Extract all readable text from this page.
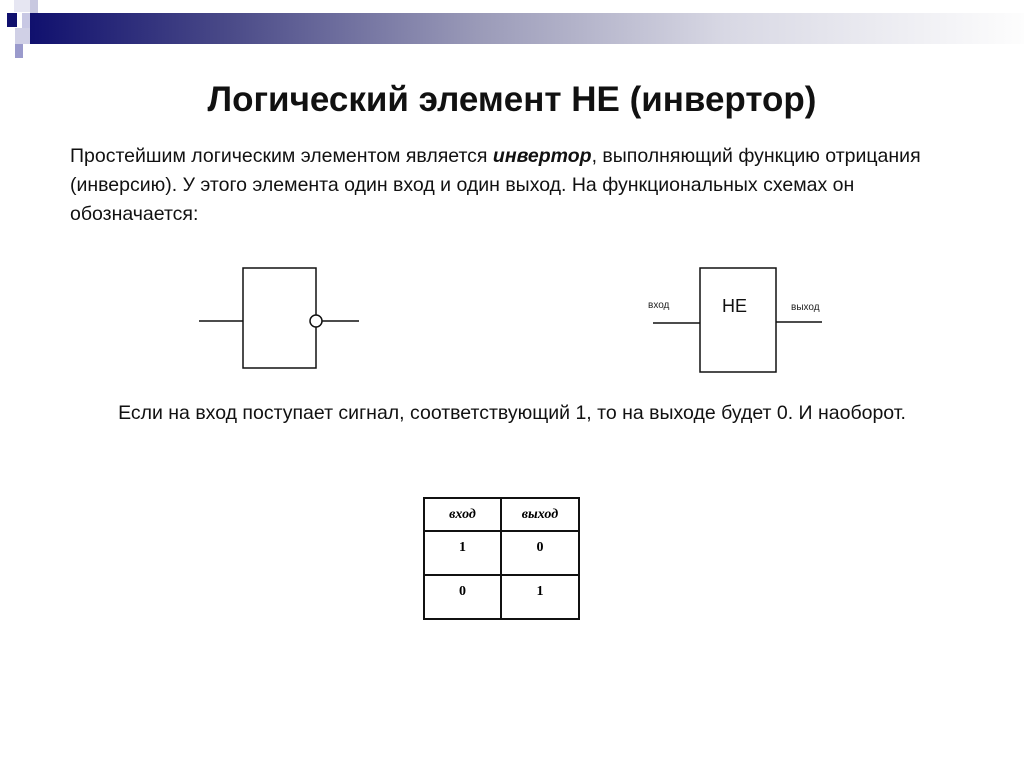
Логический элемент НЕ (инвертор)
Простейшим логическим элементом является инвертор, выполняющий функцию отрицания (инверсию). У этого элемента один вход и один выход. На функциональных схемах он обозначается:
вход	НЕ	выход
Если на вход поступает сигнал, соответствующий 1, то на выходе будет 0. И наоборот.
вход	выход
1	0
0	1
